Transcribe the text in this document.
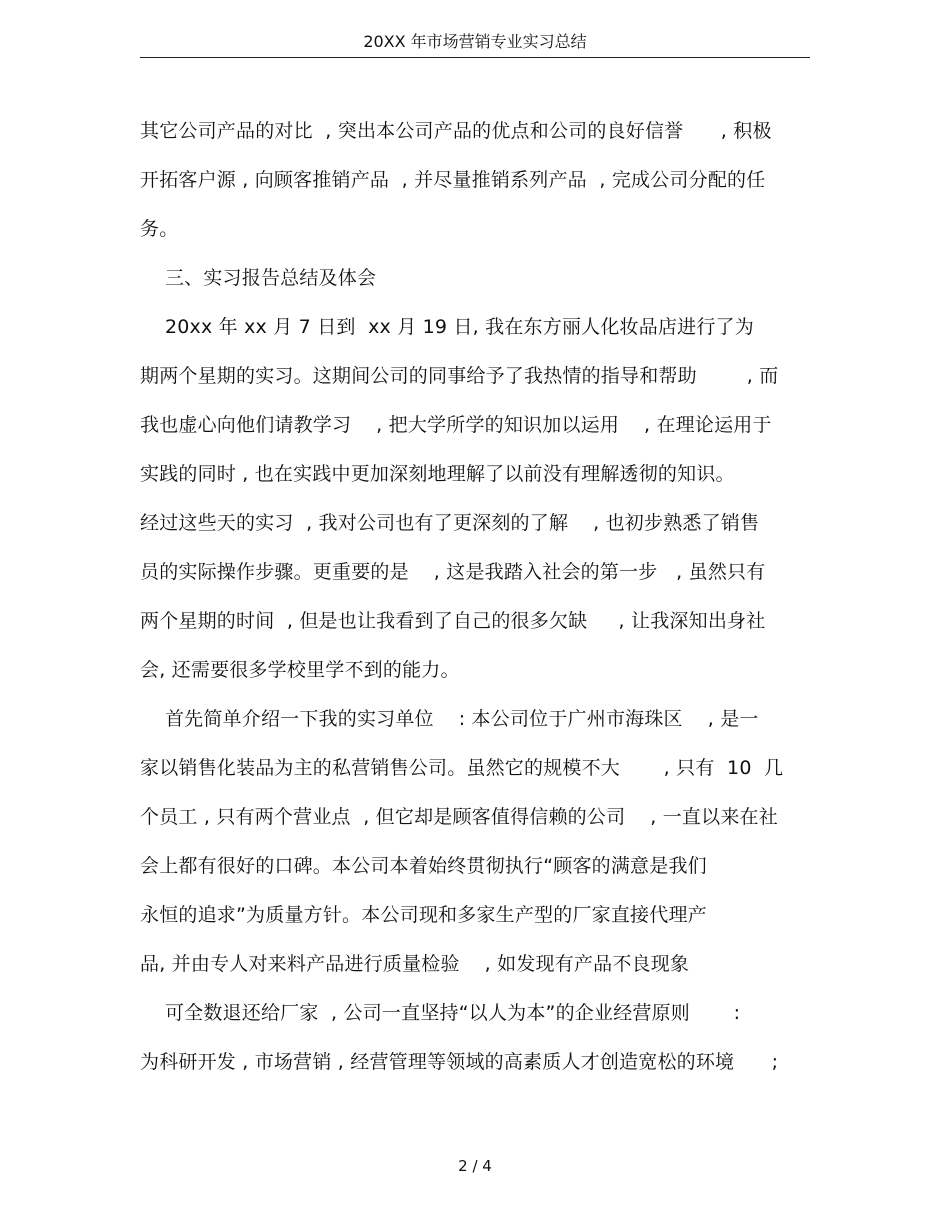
20XX 年市场营销专业实习总结
其它公司产品的对比  , 突出本公司产品的优点和公司的良好信誉      , 积极
开拓客户源 , 向顾客推销产品  , 并尽量推销系列产品  , 完成公司分配的任
务。
三、实习报告总结及体会
20xx 年 xx 月 7 日到  xx 月 19 日, 我在东方丽人化妆品店进行了为
期两个星期的实习。这期间公司的同事给予了我热情的指导和帮助        , 而
我也虚心向他们请教学习    , 把大学所学的知识加以运用    , 在理论运用于
实践的同时 , 也在实践中更加深刻地理解了以前没有理解透彻的知识。
经过这些天的实习  , 我对公司也有了更深刻的了解    , 也初步熟悉了销售
员的实际操作步骤。更重要的是    , 这是我踏入社会的第一步   , 虽然只有
两个星期的时间  , 但是也让我看到了自己的很多欠缺     , 让我深知出身社
会, 还需要很多学校里学不到的能力。
首先简单介绍一下我的实习单位    : 本公司位于广州市海珠区    , 是一
家以销售化装品为主的私营销售公司。虽然它的规模不大       , 只有  10  几
个员工 , 只有两个营业点  , 但它却是顾客值得信赖的公司    , 一直以来在社
会上都有很好的口碑。本公司本着始终贯彻执行“顾客的满意是我们
永恒的追求”为质量方针。本公司现和多家生产型的厂家直接代理产
品, 并由专人对来料产品进行质量检验    , 如发现有产品不良现象
可全数退还给厂家  , 公司一直坚持“以人为本”的企业经营原则       :
为科研开发 , 市场营销 , 经营管理等领域的高素质人才创造宽松的环境      ;
2 / 4
